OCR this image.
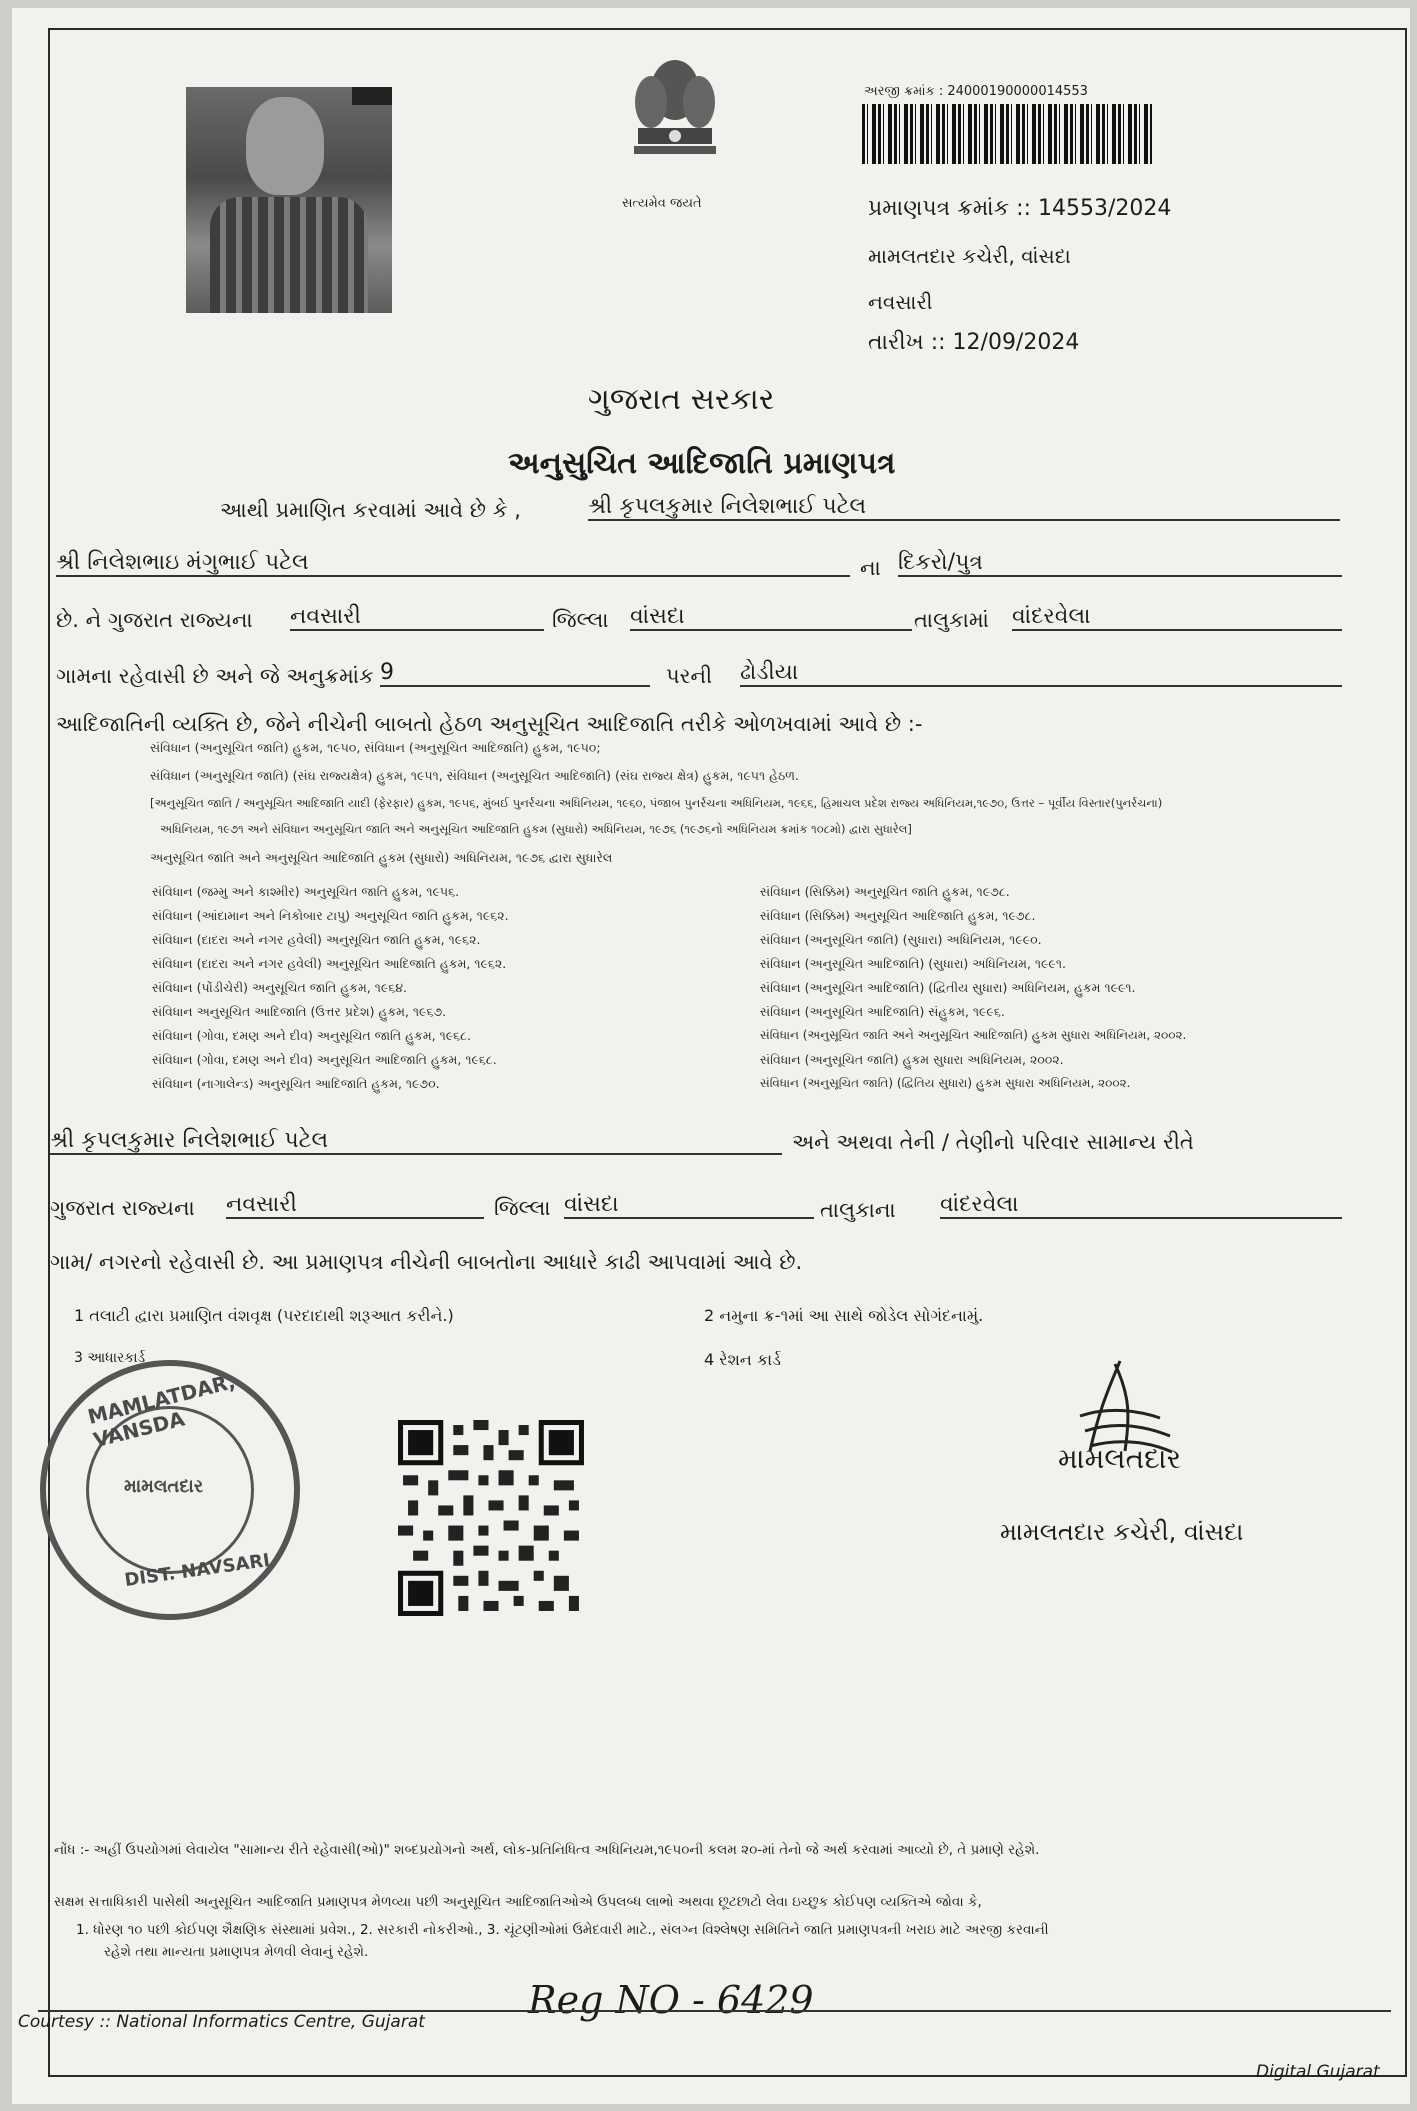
સત્યમેવ જયતે
અરજી ક્રમાંક : 24000190000014553
પ્રમાણપત્ર ક્રમાંક :: 14553/2024
મામલતદાર કચેરી, વાંસદા
નવસારી
તારીખ :: 12/09/2024
ગુજરાત સરકાર
અનુસુચિત આદિજાતિ પ્રમાણપત્ર
આથી પ્રમાણિત કરવામાં આવે છે કે ,	શ્રી કૃપલકુમાર નિલેશભાઈ પટેલ
શ્રી નિલેશભાઇ મંગુભાઈ પટેલ	ના દિકરો/પુત્ર
છે. ને ગુજરાત રાજ્યના નવસારી	જિલ્લા વાંસદા	તાલુકામાં વાંદરવેલા
ગામના રહેવાસી છે અને જે અનુક્રમાંક 9	પરની ઢોડીયા
આદિજાતિની વ્યક્તિ છે, જેને નીચેની બાબતો હેઠળ અનુસૂચિત આદિજાતિ તરીકે ઓળખવામાં આવે છે :-
સંવિધાન (અનુસૂચિત જાતિ) હુકમ, ૧૯૫૦, સંવિધાન (અનુસૂચિત આદિજાતિ) હુકમ, ૧૯૫૦;
સંવિધાન (અનુસૂચિત જાતિ) (સંઘ રાજ્યક્ષેત્ર) હુકમ, ૧૯૫૧, સંવિધાન (અનુસૂચિત આદિજાતિ) (સંઘ રાજ્ય ક્ષેત્ર) હુકમ, ૧૯૫૧ હેઠળ.
[અનુસૂચિત જાતિ / અનુસૂચિત આદિજાતિ યાદી (ફેરફાર) હુકમ, ૧૯૫૬, મુંબઈ પુનર્રચના અધિનિયમ, ૧૯૬૦, પંજાબ પુનર્રચના અધિનિયમ, ૧૯૬૬, હિમાચલ પ્રદેશ રાજ્ય અધિનિયમ,૧૯૭૦, ઉત્તર – પૂર્વીય વિસ્તાર(પુનર્રચના)
અધિનિયમ, ૧૯૭૧ અને સંવિધાન અનુસૂચિત જાતિ અને અનુસૂચિત આદિજાતિ હુકમ (સુધારો) અધિનિયમ, ૧૯૭૬ (૧૯૭૬નો અધિનિયમ ક્રમાંક ૧૦૮મો) દ્વારા સુધારેલ]
અનુસૂચિત જાતિ અને અનુસૂચિત આદિજાતિ હુકમ (સુધારો) અધિનિયમ, ૧૯૭૬ દ્વારા સુધારેલ
સંવિધાન (જમ્મુ અને કાશ્મીર) અનુસૂચિત જાતિ હુકમ, ૧૯૫૬.
સંવિધાન (આંદામાન અને નિકોબાર ટાપુ) અનુસૂચિત જાતિ હુકમ, ૧૯૬૨.
સંવિધાન (દાદરા અને નગર હવેલી) અનુસૂચિત જાતિ હુકમ, ૧૯૬૨.
સંવિધાન (દાદરા અને નગર હવેલી) અનુસૂચિત આદિજાતિ હુકમ, ૧૯૬૨.
સંવિધાન (પોંડીચેરી) અનુસૂચિત જાતિ હુકમ, ૧૯૬૪.
સંવિધાન અનુસૂચિત આદિજાતિ (ઉત્તર પ્રદેશ) હુકમ, ૧૯૬૭.
સંવિધાન (ગોવા, દમણ અને દીવ) અનુસૂચિત જાતિ હુકમ, ૧૯૬૮.
સંવિધાન (ગોવા, દમણ અને દીવ) અનુસૂચિત આદિજાતિ હુકમ, ૧૯૬૮.
સંવિધાન (નાગાલેન્ડ) અનુસૂચિત આદિજાતિ હુકમ, ૧૯૭૦.
સંવિધાન (સિક્કિમ) અનુસૂચિત જાતિ હુકમ, ૧૯૭૮.
સંવિધાન (સિક્કિમ) અનુસૂચિત આદિજાતિ હુકમ, ૧૯૭૮.
સંવિધાન (અનુસૂચિત જાતિ) (સુધારા) અધિનિયમ, ૧૯૯૦.
સંવિધાન (અનુસૂચિત આદિજાતિ) (સુધારા) અધિનિયમ, ૧૯૯૧.
સંવિધાન (અનુસૂચિત આદિજાતિ) (દ્વિતીય સુધારા) અધિનિયમ, હુકમ ૧૯૯૧.
સંવિધાન (અનુસૂચિત આદિજાતિ) સંહુકમ, ૧૯૯૬.
સંવિધાન (અનુસૂચિત જાતિ અને અનુસૂચિત આદિજાતિ) હુકમ સુધારા અધિનિયમ, ૨૦૦૨.
સંવિધાન (અનુસૂચિત જાતિ) હુકમ સુધારા અધિનિયમ, ૨૦૦૨.
સંવિધાન (અનુસૂચિત જાતિ) (દ્વિતિય સુધારા) હુકમ સુધારા અધિનિયમ, ૨૦૦૨.
શ્રી કૃપલકુમાર નિલેશભાઈ પટેલ	અને અથવા તેની / તેણીનો પરિવાર સામાન્ય રીતે
ગુજરાત રાજ્યના નવસારી	જિલ્લા વાંસદા	તાલુકાના વાંદરવેલા
ગામ/ નગરનો રહેવાસી છે. આ પ્રમાણપત્ર નીચેની બાબતોના આધારે કાઢી આપવામાં આવે છે.
1 તલાટી દ્વારા પ્રમાણિત વંશવૃક્ષ (પરદાદાથી શરૂઆત કરીને.)	2 નમુના ક્ર-૧માં આ સાથે જોડેલ સોગંદનામું.
3 આધારકાર્ડ	4 રેશન કાર્ડ
MAMLATDAR, VANSDA
DIST. NAVSARI
મામલતદાર
મામલતદાર
મામલતદાર કચેરી, વાંસદા
નોંધ :- અહીં ઉપયોગમાં લેવાયેલ "સામાન્ય રીતે રહેવાસી(ઓ)" શબ્દપ્રયોગનો અર્થ, લોક-પ્રતિનિધિત્વ અધિનિયમ,૧૯૫૦ની કલમ ૨૦-માં તેનો જે અર્થ કરવામાં આવ્યો છે, તે પ્રમાણે રહેશે.
સક્ષમ સત્તાધિકારી પાસેથી અનુસૂચિત આદિજાતિ પ્રમાણપત્ર મેળવ્યા પછી અનુસૂચિત આદિજાતિઓએ ઉપલબ્ધ લાભો અથવા છૂટછાટો લેવા ઇચ્છુક કોઈપણ વ્યક્તિએ જોવા કે,
1. ધોરણ ૧૦ પછી કોઈપણ શૈક્ષણિક સંસ્થામાં પ્રવેશ., 2. સરકારી નોકરીઓ., 3. ચૂંટણીઓમાં ઉમેદવારી માટે., સંલગ્ન વિશ્લેષણ સમિતિને જાતિ પ્રમાણપત્રની ખરાઇ માટે અરજી કરવાની
રહેશે તથા માન્યતા પ્રમાણપત્ર મેળવી લેવાનું રહેશે.
Reg NO - 6429
Courtesy :: National Informatics Centre, Gujarat
Digital Gujarat
